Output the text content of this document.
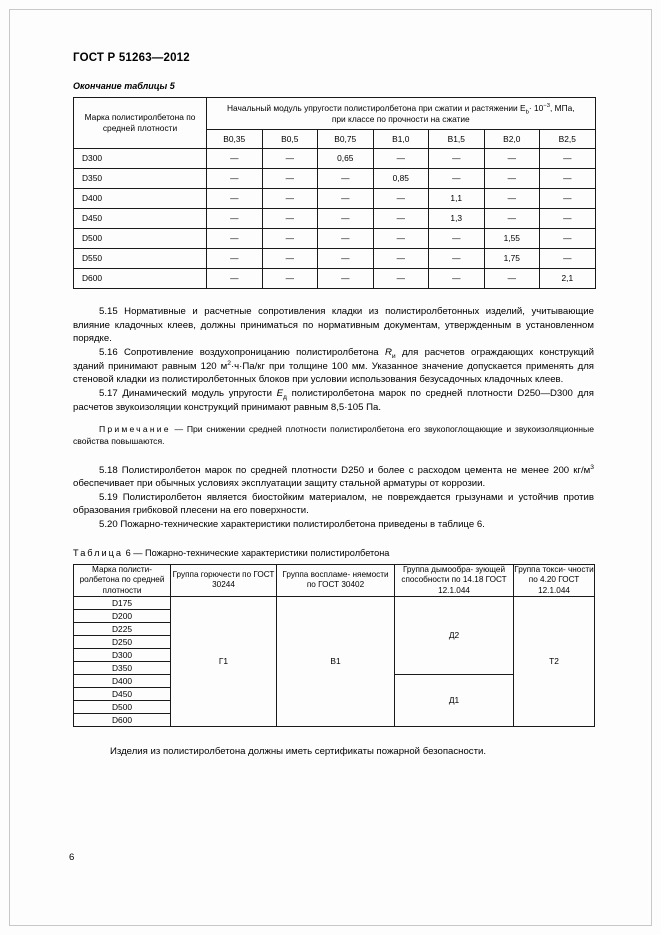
ГОСТ Р 51263—2012
Окончание таблицы 5
Марка полистиролбетона по средней плотности	Начальный модуль упругости полистиролбетона при сжатии и растяжении $E_b\cdot 10^{-3}$, МПа,
при классе по прочности на сжатие						
	В0,35	В0,5	В0,75	В1,0	В1,5	В2,0	В2,5
D300	—	—	0,65	—	—	—	—
D350	—	—	—	0,85	—	—	—
D400	—	—	—	—	1,1	—	—
D450	—	—	—	—	1,3	—	—
D500	—	—	—	—	—	1,55	—
D550	—	—	—	—	—	1,75	—
D600	—	—	—	—	—	—	2,1

5.15 Нормативные и расчетные сопротивления кладки из полистиролбетонных изделий, учитывающие влияние кладочных клеев, должны приниматься по нормативным документам, утвержденным в установленном порядке.

5.16 Сопротивление воздухопроницанию полистиролбетона $R_и$ для расчетов ограждающих конструкций зданий принимают равным 120 $м^2\cdot ч\cdot Па/кг$ при толщине 100 мм. Указанное значение допускается применять для стеновой кладки из полистиролбетонных блоков при условии использования безусадочных кладочных клеев.

5.17 Динамический модуль упругости $E_д$ полистиролбетона марок по средней плотности D250—D300 для расчетов звукоизоляции конструкций принимают равным 8,5·105 Па.

Примечание — При снижении средней плотности полистиролбетона его звукопоглощающие и звукоизоляционные свойства повышаются.

5.18 Полистиролбетон марок по средней плотности D250 и более с расходом цемента не менее 200 $кг/м^3$ обеспечивает при обычных условиях эксплуатации защиту стальной арматуры от коррозии.

5.19 Полистиролбетон является биостойким материалом, не повреждается грызунами и устойчив против образования грибковой плесени на его поверхности.

5.20 Пожарно-технические характеристики полистиролбетона приведены в таблице 6.

Таблица 6 — Пожарно-технические характеристики полистиролбетона
Марка полисти- ролбетона по средней плотности	Группа горючести по ГОСТ 30244	Группа воспламе- няемости по ГОСТ 30402	Группа дымообра- зующей способности по 14.18 ГОСТ 12.1.044	Группа токси- чности по 4.20 ГОСТ 12.1.044
D175	Г1	В1	Д2	Т2
D200				
D225				
D250				
D300				
D350				
D400			Д1	
D450				
D500				
D600				
Изделия из полистиролбетона должны иметь сертификаты пожарной безопасности.
6
